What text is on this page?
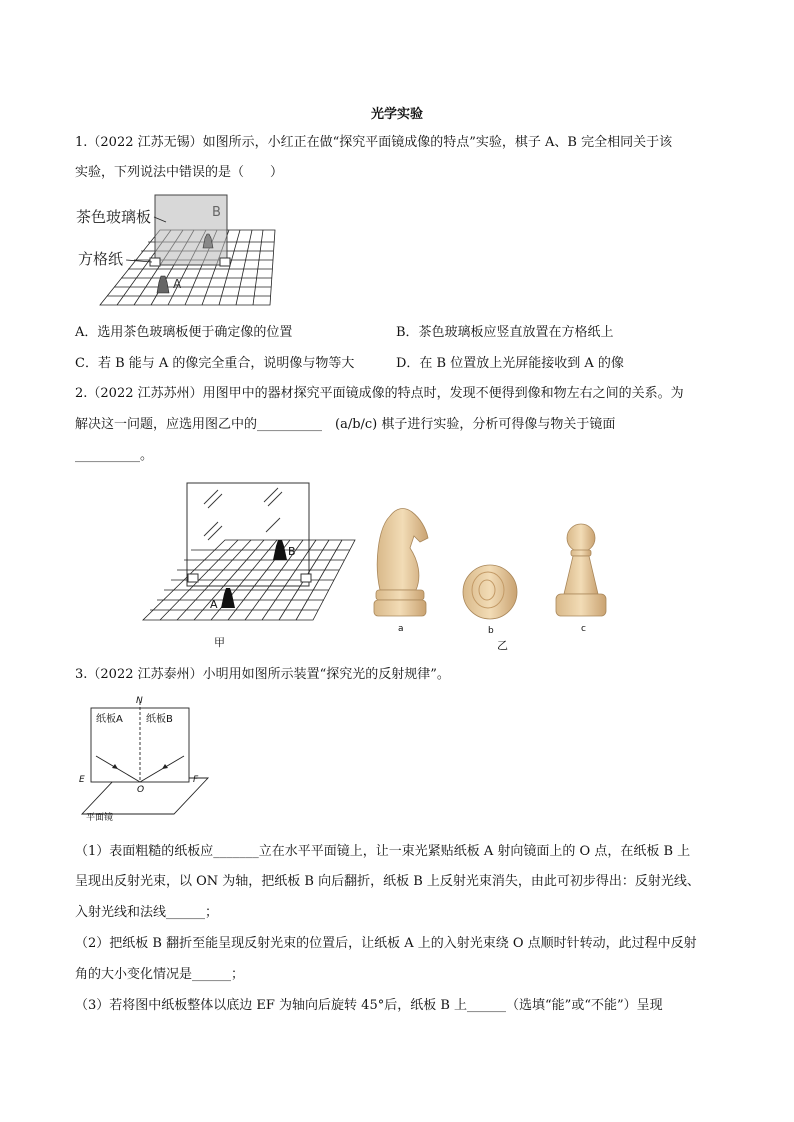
光学实验
1.（2022 江苏无锡）如图所示，小红正在做“探究平面镜成像的特点”实验，棋子 A、B 完全相同关于该
实验，下列说法中错误的是（　　）
B
A
茶色玻璃板
方格纸
A．选用茶色玻璃板便于确定像的位置	B．茶色玻璃板应竖直放置在方格纸上
C．若 B 能与 A 的像完全重合，说明像与物等大	D．在 B 位置放上光屏能接收到 A 的像
2.（2022 江苏苏州）用图甲中的器材探究平面镜成像的特点时，发现不便得到像和物左右之间的关系。为
解决这一问题，应选用图乙中的__________　(a/b/c) 棋子进行实验，分析可得像与物关于镜面
__________。
B
A
甲
a	b	c
乙
3.（2022 江苏泰州）小明用如图所示装置“探究光的反射规律”。
N
纸板A 纸板B
E
O
F
平面镜
（1）表面粗糙的纸板应_______立在水平平面镜上，让一束光紧贴纸板 A 射向镜面上的 O 点，在纸板 B 上
呈现出反射光束，以 ON 为轴，把纸板 B 向后翻折，纸板 B 上反射光束消失，由此可初步得出：反射光线、
入射光线和法线______；
（2）把纸板 B 翻折至能呈现反射光束的位置后，让纸板 A 上的入射光束绕 O 点顺时针转动，此过程中反射
角的大小变化情况是______；
（3）若将图中纸板整体以底边 EF 为轴向后旋转 45°后，纸板 B 上______（选填“能”或“不能”）呈现
